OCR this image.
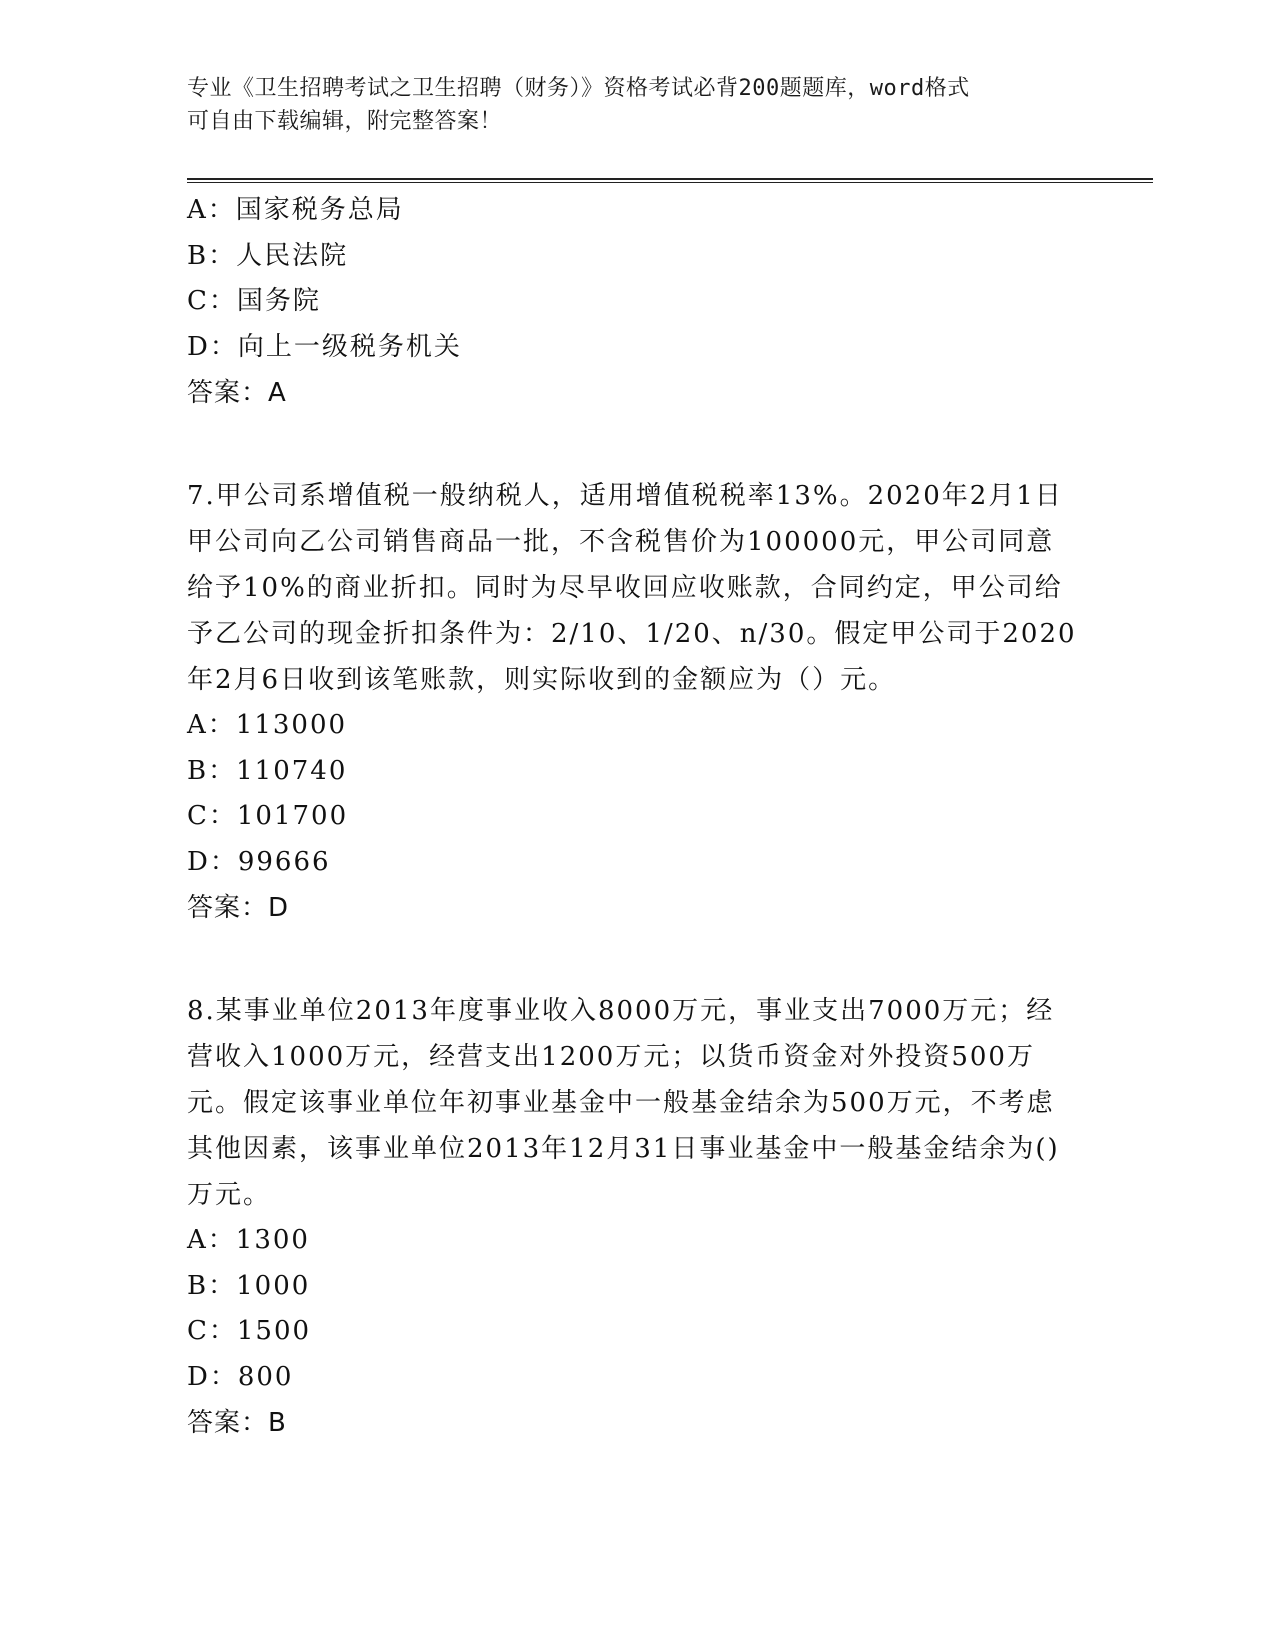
专业《卫生招聘考试之卫生招聘（财务）》资格考试必背200题题库，word格式
可自由下载编辑，附完整答案！
A：国家税务总局
B：人民法院
C：国务院
D：向上一级税务机关
答案：A
7.甲公司系增值税一般纳税人，适用增值税税率13%。2020年2月1日甲公司向乙公司销售商品一批，不含税售价为100000元，甲公司同意给予10%的商业折扣。同时为尽早收回应收账款，合同约定，甲公司给予乙公司的现金折扣条件为：2/10、1/20、n/30。假定甲公司于2020年2月6日收到该笔账款，则实际收到的金额应为（）元。
A：113000
B：110740
C：101700
D：99666
答案：D
8.某事业单位2013年度事业收入8000万元，事业支出7000万元；经营收入1000万元，经营支出1200万元；以货币资金对外投资500万元。假定该事业单位年初事业基金中一般基金结余为500万元，不考虑其他因素，该事业单位2013年12月31日事业基金中一般基金结余为()万元。
A：1300
B：1000
C：1500
D：800
答案：B
